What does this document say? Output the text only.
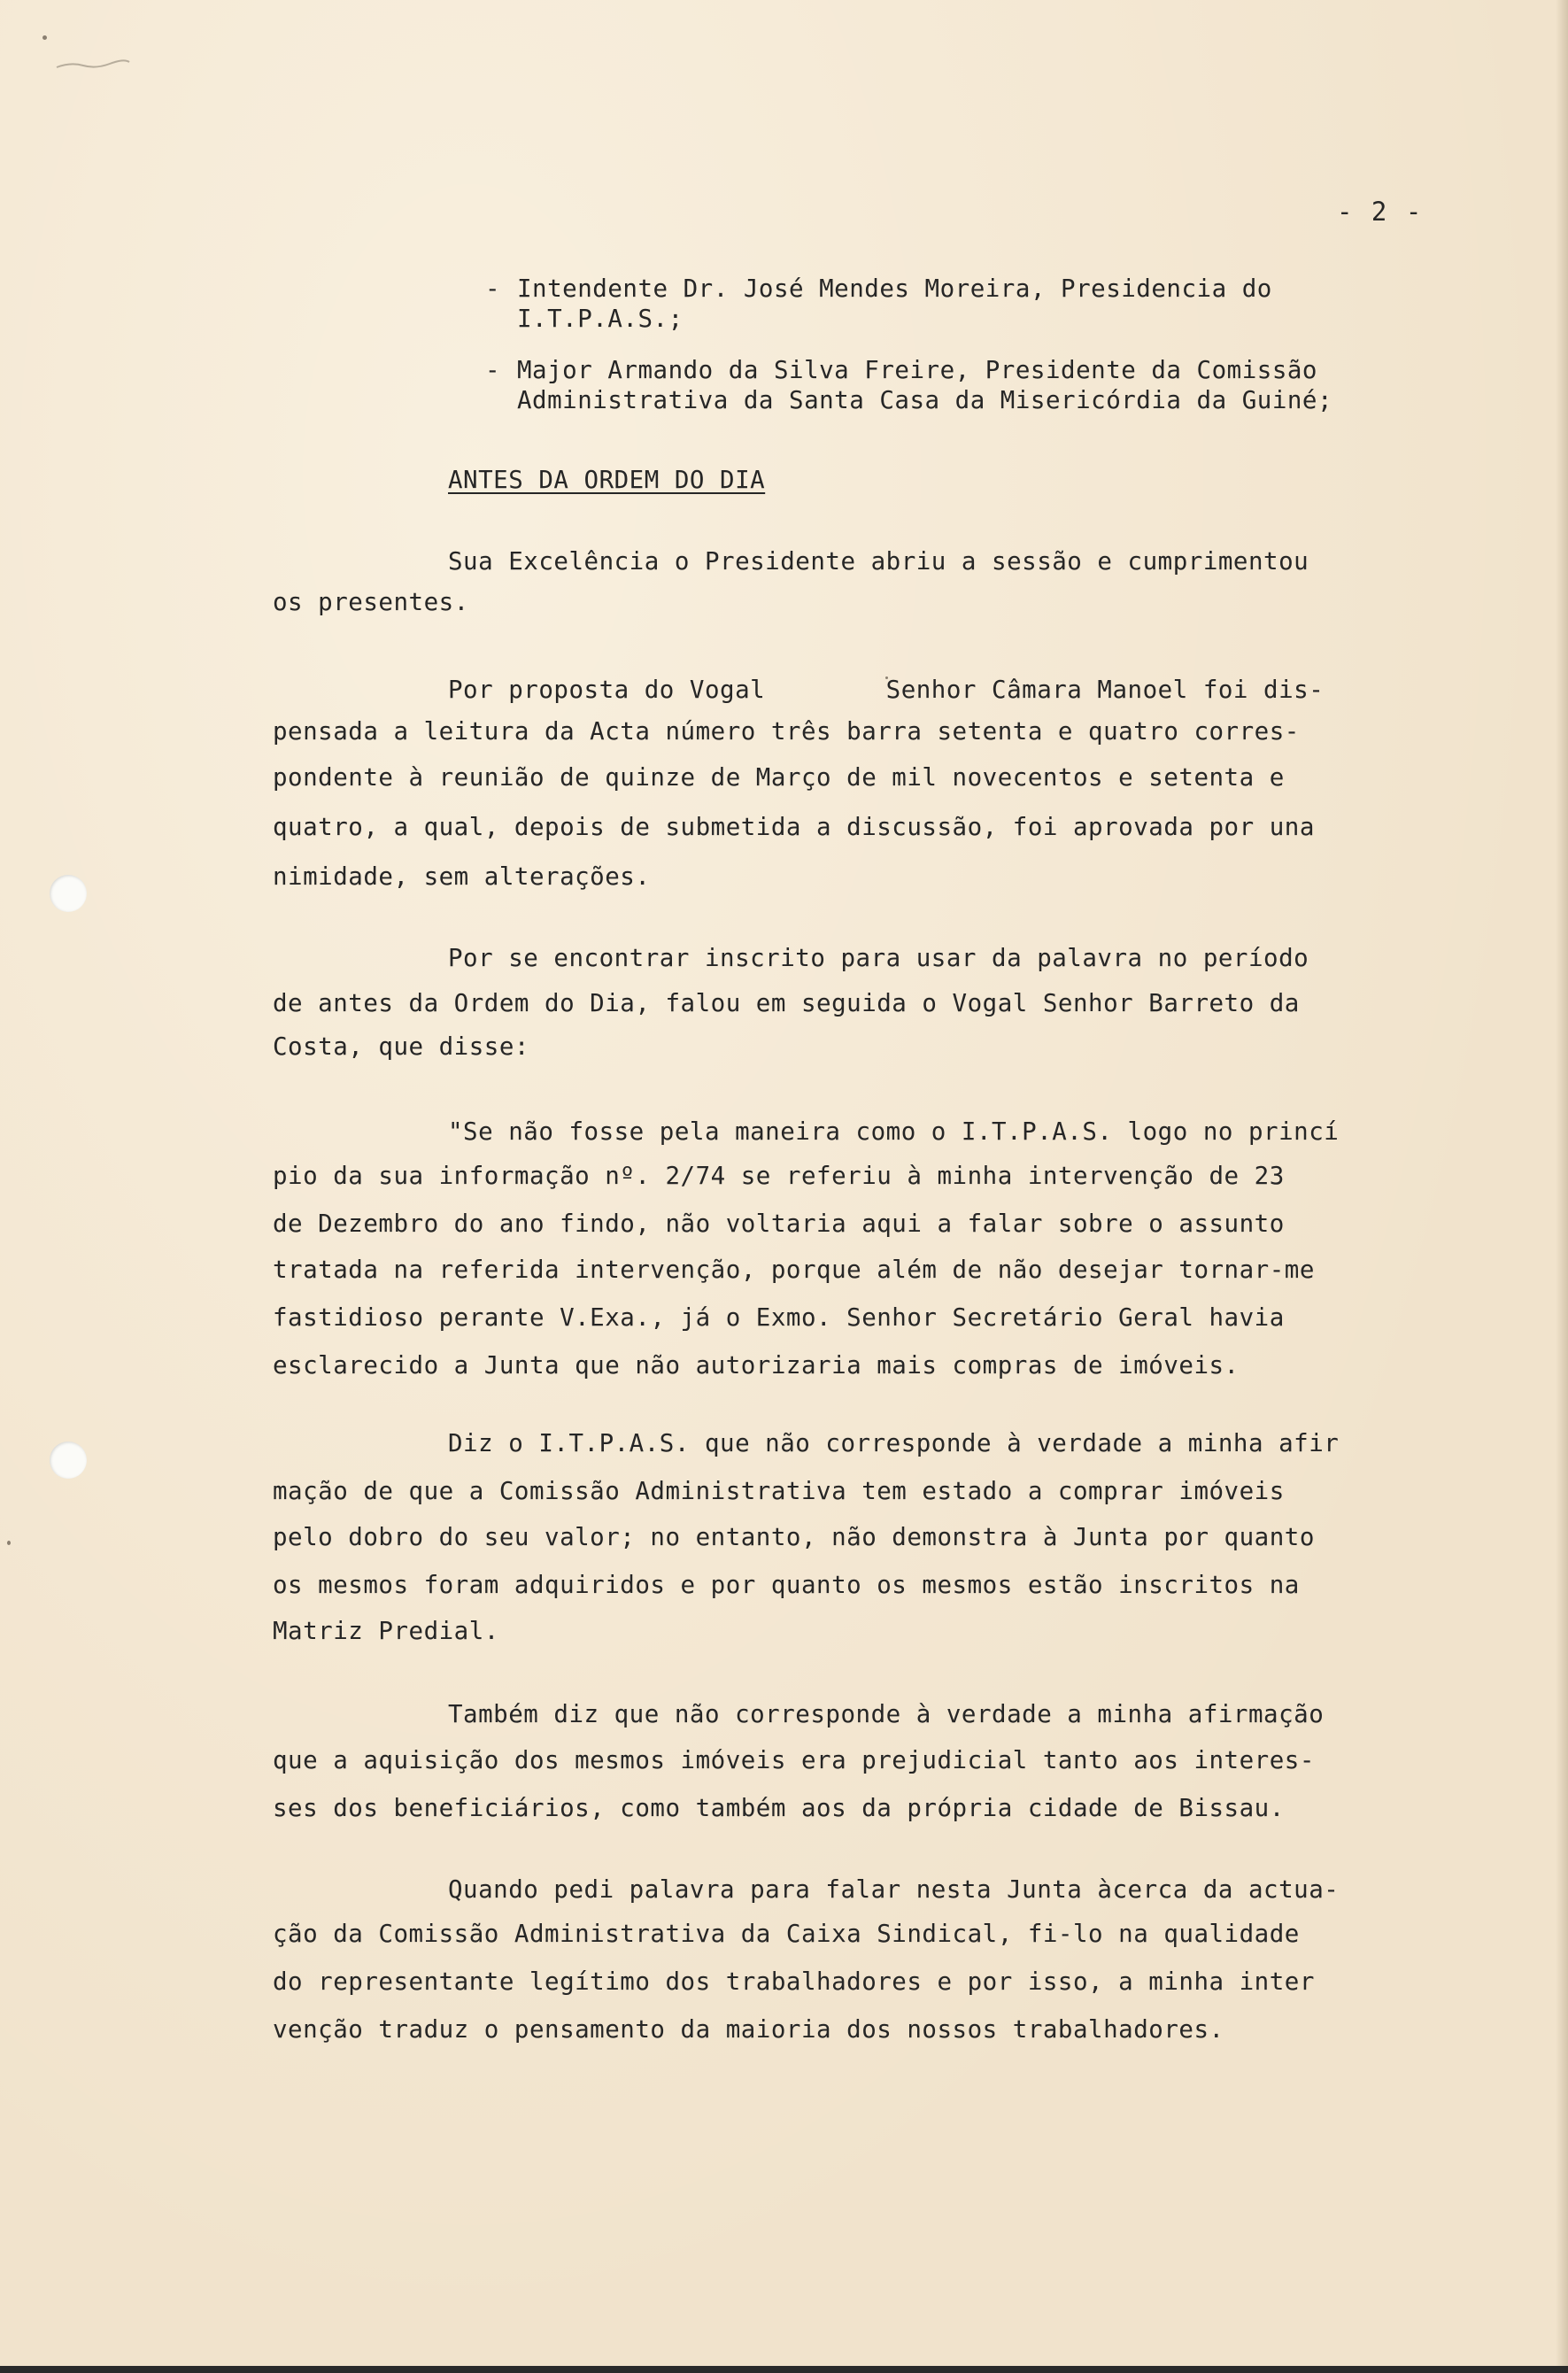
- 2 -
- Intendente Dr. José Mendes Moreira, Presidencia do
I.T.P.A.S.;
- Major Armando da Silva Freire, Presidente da Comissão
Administrativa da Santa Casa da Misericórdia da Guiné;
ANTES DA ORDEM DO DIA
Sua Excelência o Presidente abriu a sessão e cumprimentou
os presentes.
Por proposta do Vogal        Senhor Câmara Manoel foi dis-
pensada a leitura da Acta número três barra setenta e quatro corres-
pondente à reunião de quinze de Março de mil novecentos e setenta e
quatro, a qual, depois de submetida a discussão, foi aprovada por una
nimidade, sem alterações.
Por se encontrar inscrito para usar da palavra no período
de antes da Ordem do Dia, falou em seguida o Vogal Senhor Barreto da
Costa, que disse:
"Se não fosse pela maneira como o I.T.P.A.S. logo no princí
pio da sua informação nº. 2/74 se referiu à minha intervenção de 23
de Dezembro do ano findo, não voltaria aqui a falar sobre o assunto
tratada na referida intervenção, porque além de não desejar tornar-me
fastidioso perante V.Exa., já o Exmo. Senhor Secretário Geral havia
esclarecido a Junta que não autorizaria mais compras de imóveis.
Diz o I.T.P.A.S. que não corresponde à verdade a minha afir
mação de que a Comissão Administrativa tem estado a comprar imóveis
pelo dobro do seu valor; no entanto, não demonstra à Junta por quanto
os mesmos foram adquiridos e por quanto os mesmos estão inscritos na
Matriz Predial.
Também diz que não corresponde à verdade a minha afirmação
que a aquisição dos mesmos imóveis era prejudicial tanto aos interes-
ses dos beneficiários, como também aos da própria cidade de Bissau.
Quando pedi palavra para falar nesta Junta àcerca da actua-
ção da Comissão Administrativa da Caixa Sindical, fi-lo na qualidade
do representante legítimo dos trabalhadores e por isso, a minha inter
venção traduz o pensamento da maioria dos nossos trabalhadores.
